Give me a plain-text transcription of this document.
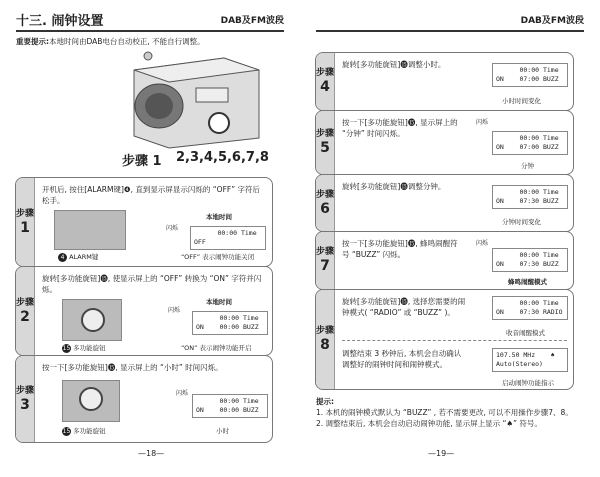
十三. 闹钟设置	DAB及FM波段
重要提示:本地时间由DAB电台自动校正, 不能自行调整。
步骤 1 2,3,4,5,6,7,8
步骤
1
开机后, 按住[ALARM键]❹, 直到显示屏显示闪烁的 “OFF” 字符后松手。
4 ALARM键
本地时间
闪烁
00:00 Time
OFF
“OFF” 表示闹钟功能关闭
步骤
2
旋转[多功能旋钮]⓯, 使显示屏上的 “OFF” 转换为 “ON” 字符并闪烁。
15 多功能旋钮
本地时间
闪烁
00:00 Time
ON    00:00 BUZZ
“ON” 表示闹钟功能开启
步骤
3
按一下[多功能旋钮]⓯, 显示屏上的 “小时” 时间闪烁。
15 多功能旋钮
闪烁
00:00 Time
ON    00:00 BUZZ
小时
—18—
DAB及FM波段
步骤
4
旋转[多功能旋钮]⓯调整小时。
00:00 Time
ON    07:00 BUZZ
小时时间变化
步骤
5
按一下[多功能旋钮]⓯, 显示屏上的 “分钟” 时间闪烁。
闪烁
00:00 Time
ON    07:00 BUZZ
分钟
步骤
6
旋转[多功能旋钮]⓯调整分钟。
00:00 Time
ON    07:30 BUZZ
分钟时间变化
步骤
7
按一下[多功能旋钮]⓯, 蜂鸣闹醒符号 “BUZZ” 闪烁。
闪烁
00:00 Time
ON    07:30 BUZZ
蜂鸣闹醒模式
步骤
8
旋转[多功能旋钮]⓯, 选择您需要的闹钟模式( “RADIO” 或 “BUZZ” )。
00:00 Time
ON    07:30 RADIO
收音闹醒模式
调整结束 3 秒钟后, 本机会自动确认调整好的闹钟时间和闹钟模式。
107.50 MHz    ♠
Auto(Stereo)
启动闹钟功能指示
提示:
1. 本机的闹钟模式默认为 “BUZZ” , 若不需要更改, 可以不用操作步骤7、8。
2. 调整结束后, 本机会自动启动闹钟功能, 显示屏上显示 “♠” 符号。
—19—
